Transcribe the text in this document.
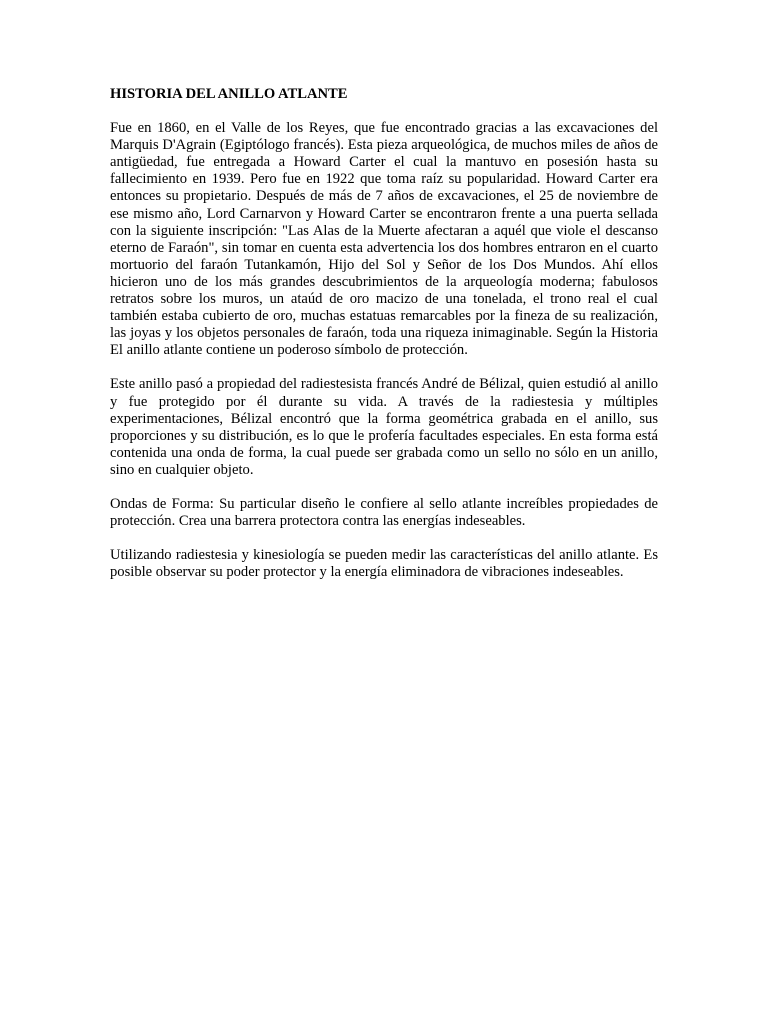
HISTORIA DEL ANILLO ATLANTE

Fue en 1860, en el Valle de los Reyes, que fue encontrado gracias a las excavaciones del Marquis D'Agrain (Egiptólogo francés). Esta pieza arqueológica, de muchos miles de años de antigüedad, fue entregada a Howard Carter el cual la mantuvo en posesión hasta su fallecimiento en 1939. Pero fue en 1922 que toma raíz su popularidad. Howard Carter era entonces su propietario. Después de más de 7 años de excavaciones, el 25 de noviembre de ese mismo año, Lord Carnarvon y Howard Carter se encontraron frente a una puerta sellada con la siguiente inscripción: "Las Alas de la Muerte afectaran a aquél que viole el descanso eterno de Faraón", sin tomar en cuenta esta advertencia los dos hombres entraron en el cuarto mortuorio del faraón Tutankamón, Hijo del Sol y Señor de los Dos Mundos. Ahí ellos hicieron uno de los más grandes descubrimientos de la arqueología moderna; fabulosos retratos sobre los muros, un ataúd de oro macizo de una tonelada, el trono real el cual también estaba cubierto de oro, muchas estatuas remarcables por la fineza de su realización, las joyas y los objetos personales de faraón, toda una riqueza inimaginable. Según la Historia El anillo atlante contiene un poderoso símbolo de protección.

Este anillo pasó a propiedad del radiestesista francés André de Bélizal, quien estudió al anillo y fue protegido por él durante su vida. A través de la radiestesia y múltiples experimentaciones, Bélizal encontró que la forma geométrica grabada en el anillo, sus proporciones y su distribución, es lo que le profería facultades especiales. En esta forma está contenida una onda de forma, la cual puede ser grabada como un sello no sólo en un anillo, sino en cualquier objeto.

Ondas de Forma: Su particular diseño le confiere al sello atlante increíbles propiedades de protección. Crea una barrera protectora contra las energías indeseables.

Utilizando radiestesia y kinesiología se pueden medir las características del anillo atlante. Es posible observar su poder protector y la energía eliminadora de vibraciones indeseables.
